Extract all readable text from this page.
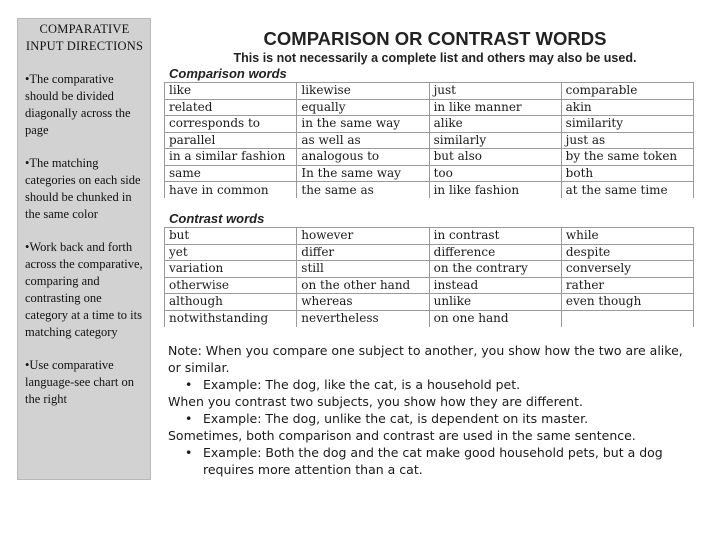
COMPARATIVE INPUT DIRECTIONS
•The comparative should be divided diagonally across the page
•The matching categories on each side should be chunked in the same color
•Work back and forth across the comparative, comparing and contrasting one category at a time to its matching category
•Use comparative language-see chart on the right
COMPARISON OR CONTRAST WORDS
This is not necessarily a complete list and others may also be used.
Comparison words
like	likewise	just	comparable
related	equally	in like manner	akin
corresponds to	in the same way	alike	similarity
parallel	as well as	similarly	just as
in a similar fashion	analogous to	but also	by the same token
same	In the same way	too	both
have in common	the same as	in like fashion	at the same time
Contrast words
but	however	in contrast	while
yet	differ	difference	despite
variation	still	on the contrary	conversely
otherwise	on the other hand	instead	rather
although	whereas	unlike	even though
notwithstanding	nevertheless	on one hand	

Note: When you compare one subject to another, you show how the two are alike, or similar.

• Example: The dog, like the cat, is a household pet.

When you contrast two subjects, you show how they are different.

• Example: The dog, unlike the cat, is dependent on its master.

Sometimes, both comparison and contrast are used in the same sentence.

• Example: Both the dog and the cat make good household pets, but a dog requires more attention than a cat.
